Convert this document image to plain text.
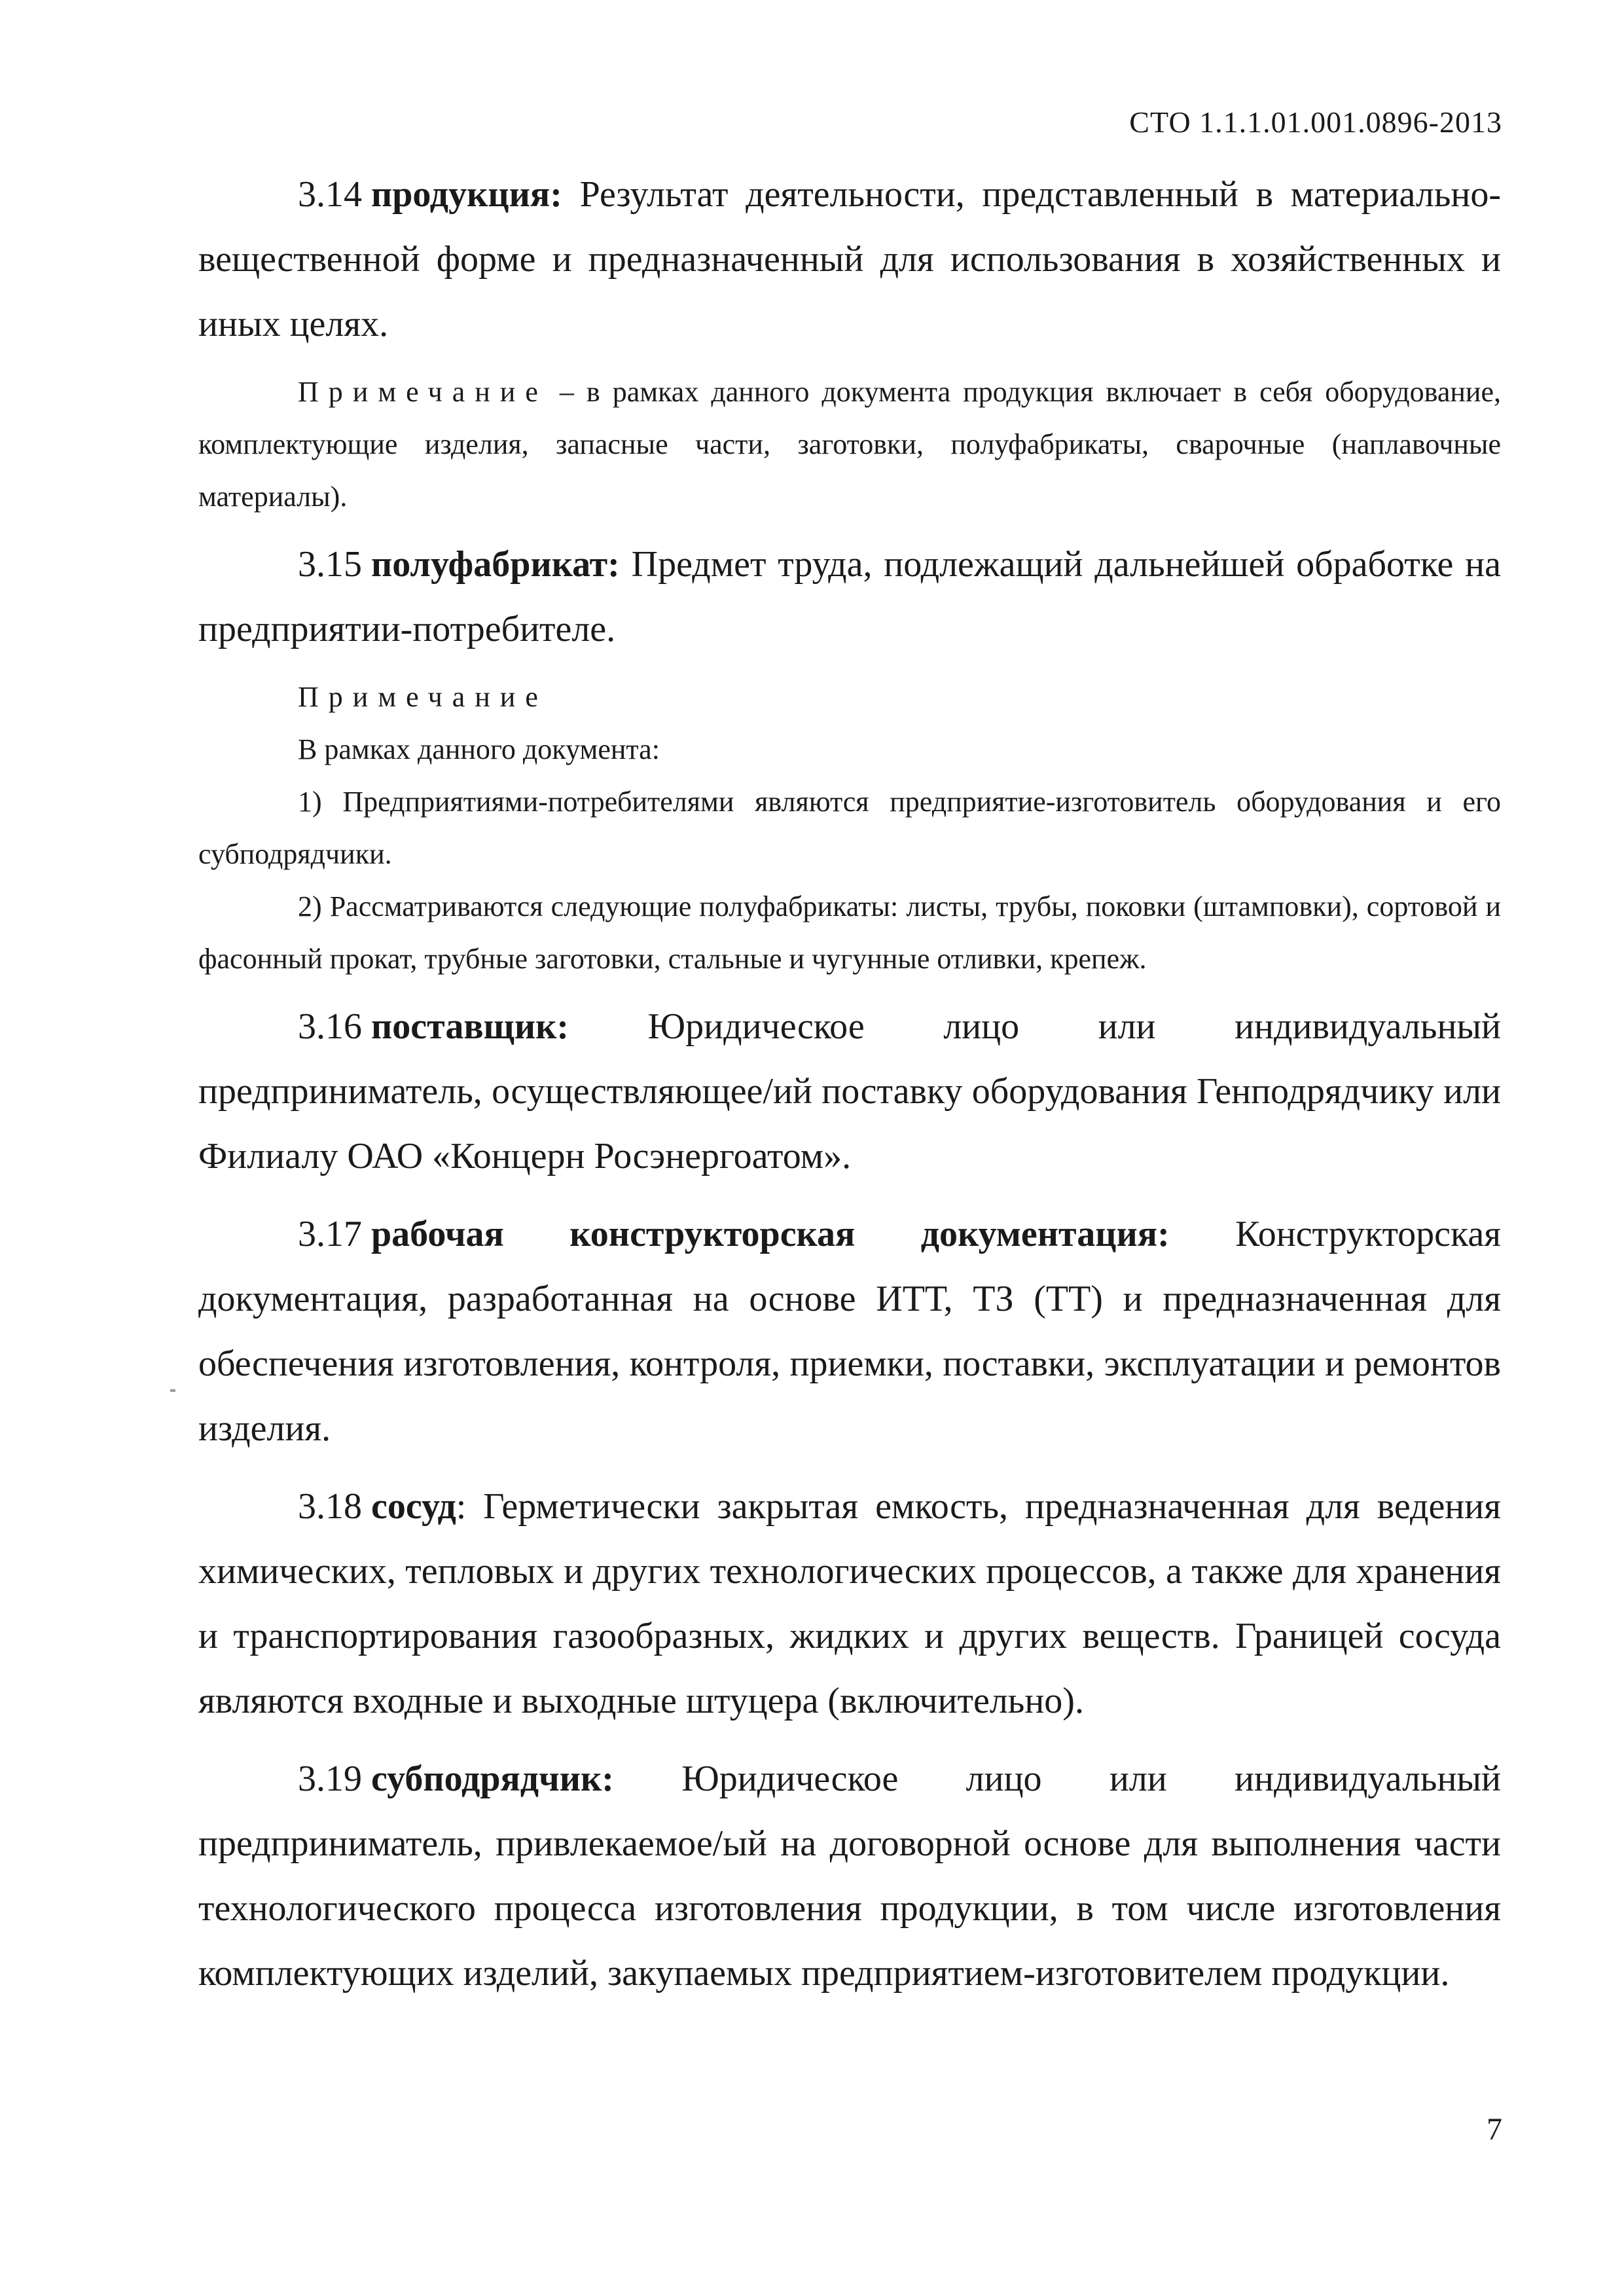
СТО 1.1.1.01.001.0896-2013

3.14 продукция: Результат деятельности, представленный в материально-вещественной форме и предназначенный для использования в хозяйственных и иных целях.

Примечание – в рамках данного документа продукция включает в себя оборудование, комплектующие изделия, запасные части, заготовки, полуфабрикаты, сварочные (наплавочные материалы).

3.15 полуфабрикат: Предмет труда, подлежащий дальнейшей обработке на предприятии-потребителе.

Примечание

В рамках данного документа:

1) Предприятиями-потребителями являются предприятие-изготовитель оборудования и его субподрядчики.

2) Рассматриваются следующие полуфабрикаты: листы, трубы, поковки (штамповки), сортовой и фасонный прокат, трубные заготовки, стальные и чугунные отливки, крепеж.

3.16 поставщик: Юридическое лицо или индивидуальный предприниматель, осуществляющее/ий поставку оборудования Генподрядчику или Филиалу ОАО «Концерн Росэнергоатом».

3.17 рабочая конструкторская документация: Конструкторская документация, разработанная на основе ИТТ, ТЗ (ТТ) и предназначенная для обеспечения изготовления, контроля, приемки, поставки, эксплуатации и ремонтов изделия.

3.18 сосуд: Герметически закрытая емкость, предназначенная для ведения химических, тепловых и других технологических процессов, а также для хранения и транспортирования газообразных, жидких и других веществ. Границей сосуда являются входные и выходные штуцера (включительно).

3.19 субподрядчик: Юридическое лицо или индивидуальный предприниматель, привлекаемое/ый на договорной основе для выполнения части технологического процесса изготовления продукции, в том числе изготовления комплектующих изделий, закупаемых предприятием-изготовителем продукции.

7
